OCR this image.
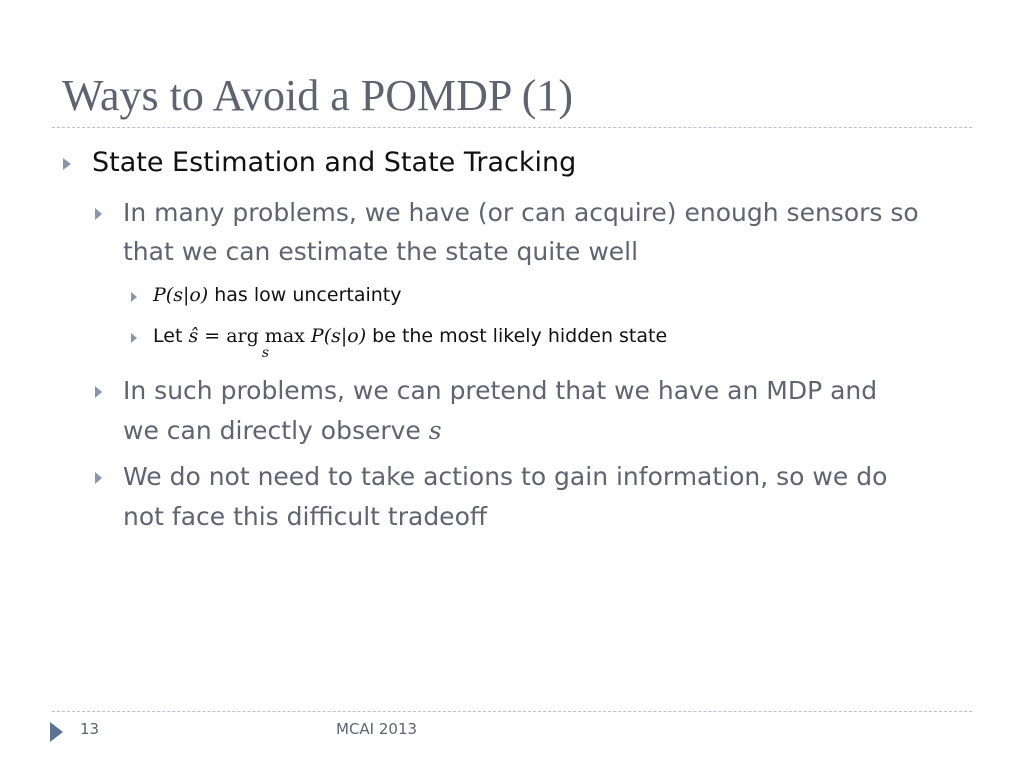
Ways to Avoid a POMDP (1)
State Estimation and State Tracking
In many problems, we have (or can acquire) enough sensors so
that we can estimate the state quite well
P(s|o) has low uncertainty
Let ŝ = arg max
s
P(s|o) be the most likely hidden state
In such problems, we can pretend that we have an MDP and
we can directly observe s
We do not need to take actions to gain information, so we do
not face this difficult tradeoff
13	MCAI 2013
